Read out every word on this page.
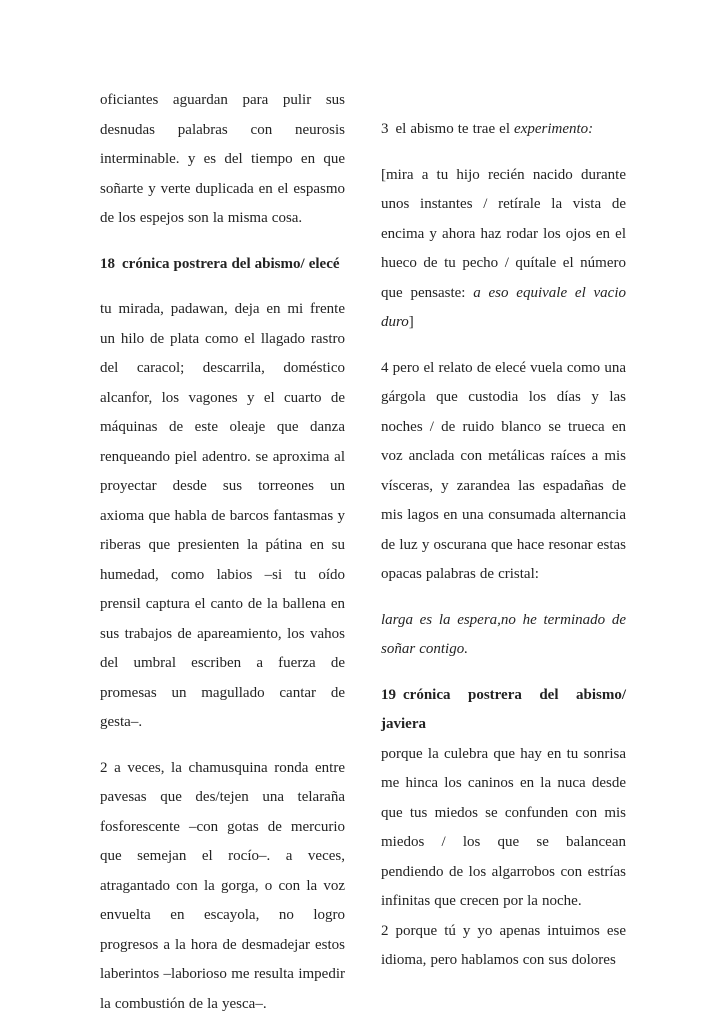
oficiantes aguardan para pulir sus desnudas palabras con neurosis interminable. y es del tiempo en que soñarte y verte duplicada en el espasmo de los espejos son la misma cosa.

18 crónica postrera del abismo/ elecé

tu mirada, padawan, deja en mi frente un hilo de plata como el llagado rastro del caracol; descarrila, doméstico alcanfor, los vagones y el cuarto de máquinas de este oleaje que danza renqueando piel adentro. se aproxima al proyectar desde sus torreones un axioma que habla de barcos fantasmas y riberas que presienten la pátina en su humedad, como labios –si tu oído prensil captura el canto de la ballena en sus trabajos de apareamiento, los vahos del umbral escriben a fuerza de promesas un magullado cantar de gesta–.

2 a veces, la chamusquina ronda entre pavesas que des/tejen una telaraña fosforescente –con gotas de mercurio que semejan el rocío–. a veces, atragantado con la gorga, o con la voz envuelta en escayola, no logro progresos a la hora de desmadejar estos laberintos –laborioso me resulta impedir la combustión de la yesca–.

3 el abismo te trae el experimento:

[mira a tu hijo recién nacido durante unos instantes / retírale la vista de encima y ahora haz rodar los ojos en el hueco de tu pecho / quítale el número que pensaste: a eso equivale el vacio duro]

4 pero el relato de elecé vuela como una gárgola que custodia los días y las noches / de ruido blanco se trueca en voz anclada con metálicas raíces a mis vísceras, y zarandea las espadañas de mis lagos en una consumada alternancia de luz y oscurana que hace resonar estas opacas palabras de cristal:

larga es la espera,no he terminado de soñar contigo.

19 crónica postrera del abismo/ javiera

porque la culebra que hay en tu sonrisa me hinca los caninos en la nuca desde que tus miedos se confunden con mis miedos / los que se balancean pendiendo de los algarrobos con estrías infinitas que crecen por la noche.

2 porque tú y yo apenas intuimos ese idioma, pero hablamos con sus dolores
